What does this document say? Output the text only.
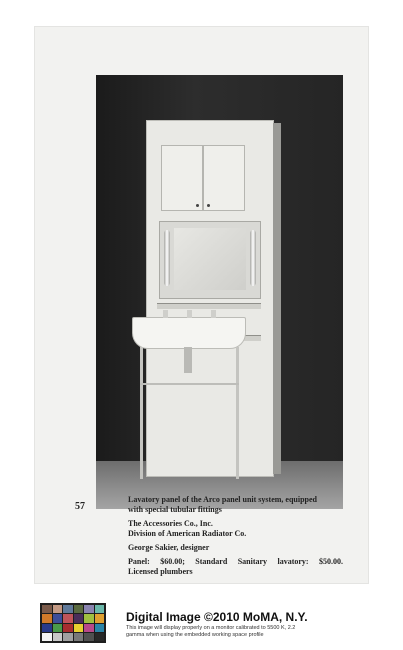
57
Lavatory panel of the Arco panel unit system, equipped
with special tubular fittings
The Accessories Co., Inc.
Division of American Radiator Co.
George Sakier, designer
Panel: $60.00; Standard Sanitary lavatory: $50.00.
Licensed plumbers
Digital Image ©2010 MoMA, N.Y.
This image will display properly on a monitor calibrated to 5500 K, 2.2
gamma when using the embedded working space profile
